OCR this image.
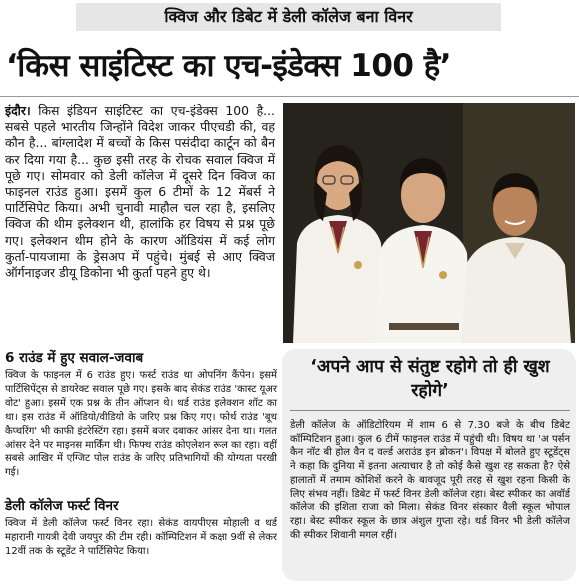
क्विज और डिबेट में डेली कॉलेज बना विनर
‘किस साइंटिस्ट का एच-इंडेक्स 100 है’

इंदौर। किस इंडियन साइंटिस्ट का एच-इंडेक्स 100 है... सबसे पहले भारतीय जिन्होंने विदेश जाकर पीएचडी की, वह कौन है... बांग्लादेश में बच्चों के किस पसंदीदा कार्टून को बैन कर दिया गया है... कुछ इसी तरह के रोचक सवाल क्विज में पूछे गए। सोमवार को डेली कॉलेज में दूसरे दिन क्विज का फाइनल राउंड हुआ। इसमें कुल 6 टीमों के 12 मेंबर्स ने पार्टिसिपेट किया। अभी चुनावी माहौल चल रहा है, इसलिए क्विज की थीम इलेक्शन थी, हालांकि हर विषय से प्रश्न पूछे गए। इलेक्शन थीम होने के कारण ऑडियंस में कई लोग कुर्ता-पायजामा के ड्रेसअप में पहुंचे। मुंबई से आए क्विज ऑर्गनाइजर डीयू डिकोना भी कुर्ता पहने हुए थे।

6 राउंड में हुए सवाल-जवाब

क्विज के फाइनल में 6 राउंड हुए। फर्स्ट राउंड था ओपनिंग कैंपेन। इसमें पार्टिसिपेंट्स से डायरेक्ट सवाल पूछे गए। इसके बाद सेकंड राउंड 'कास्ट यूअर वोट' हुआ। इसमें एक प्रश्न के तीन ऑप्शन थे। थर्ड राउंड इलेक्शन शॉट का था। इस राउंड में ऑडियो/वीडियो के जरिए प्रश्न किए गए। फोर्थ राउंड 'बूथ कैप्चरिंग' भी काफी इंटरेस्टिंग रहा। इसमें बजर दबाकर आंसर देना था। गलत आंसर देने पर माइनस मार्किंग थी। फिफ्थ राउंड कोएलेशन रूल का रहा। वहीं सबसे आखिर में एग्जिट पोल राउंड के जरिए प्रतिभागियों की योग्यता परखी गई।

डेली कॉलेज फर्स्ट विनर

क्विज में डेली कॉलेज फर्स्ट विनर रहा। सेकंड वायपीएस मोहाली व थर्ड महारानी गायत्री देवी जयपुर की टीम रही। कॉम्पिटिशन में कक्षा 9वीं से लेकर 12वीं तक के स्टूडेंट ने पार्टिसिपेट किया।

‘अपने आप से संतुष्ट रहोगे तो ही खुश रहोगे’

डेली कॉलेज के ऑडिटोरियम में शाम 6 से 7.30 बजे के बीच डिबेट कॉम्पिटिशन हुआ। कुल 6 टीमें फाइनल राउंड में पहुंची थी। विषय था 'अ पर्सन कैन नॉट बी होल वैन द वर्ल्ड अराउंड इन ब्रोकन'। विपक्ष में बोलते हुए स्टूडेंट्स ने कहा कि दुनिया में इतना अत्याचार है तो कोई कैसे खुश रह सकता है? ऐसे हालातों में तमाम कोशिशें करने के बावजूद पूरी तरह से खुश रहना किसी के लिए संभव नहीं। डिबेट में फर्स्ट विनर डेली कॉलेज रहा। बेस्ट स्पीकर का अवॉर्ड कॉलेज की इशिता राजा को मिला। सेकंड विनर संस्कार वैली स्कूल भोपाल रहा। बेस्ट स्पीकर स्कूल के छात्र अंशुल गुप्ता रहे। थर्ड विनर भी डेली कॉलेज की स्पीकर शिवानी मगल रहीं।
